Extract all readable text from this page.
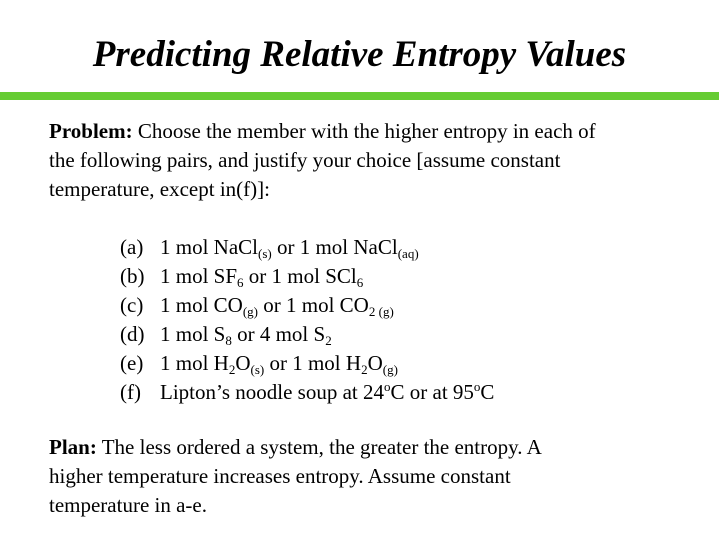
Predicting Relative Entropy Values

Problem: Choose the member with the higher entropy in each of
the following pairs, and justify your choice [assume constant
temperature, except in(f)]:

(a) 1 mol NaCl$_{(s)}$ or 1 mol NaCl$_{(aq)}$
(b) 1 mol $SF_6$ or 1 mol SCl$_6$
(c) 1 mol $CO_{(g)}$ or 1 mol $CO_{2 (g)}$
(d) 1 mol $S_8$ or 4 mol $S_2$
(e) 1 mol $H_2O_{(s)}$ or 1 mol $H_2O_{(g)}$
(f) Lipton’s noodle soup at 24$^o$C or at 95$^o$C

Plan: The less ordered a system, the greater the entropy. A
higher temperature increases entropy. Assume constant
temperature in a-e.
